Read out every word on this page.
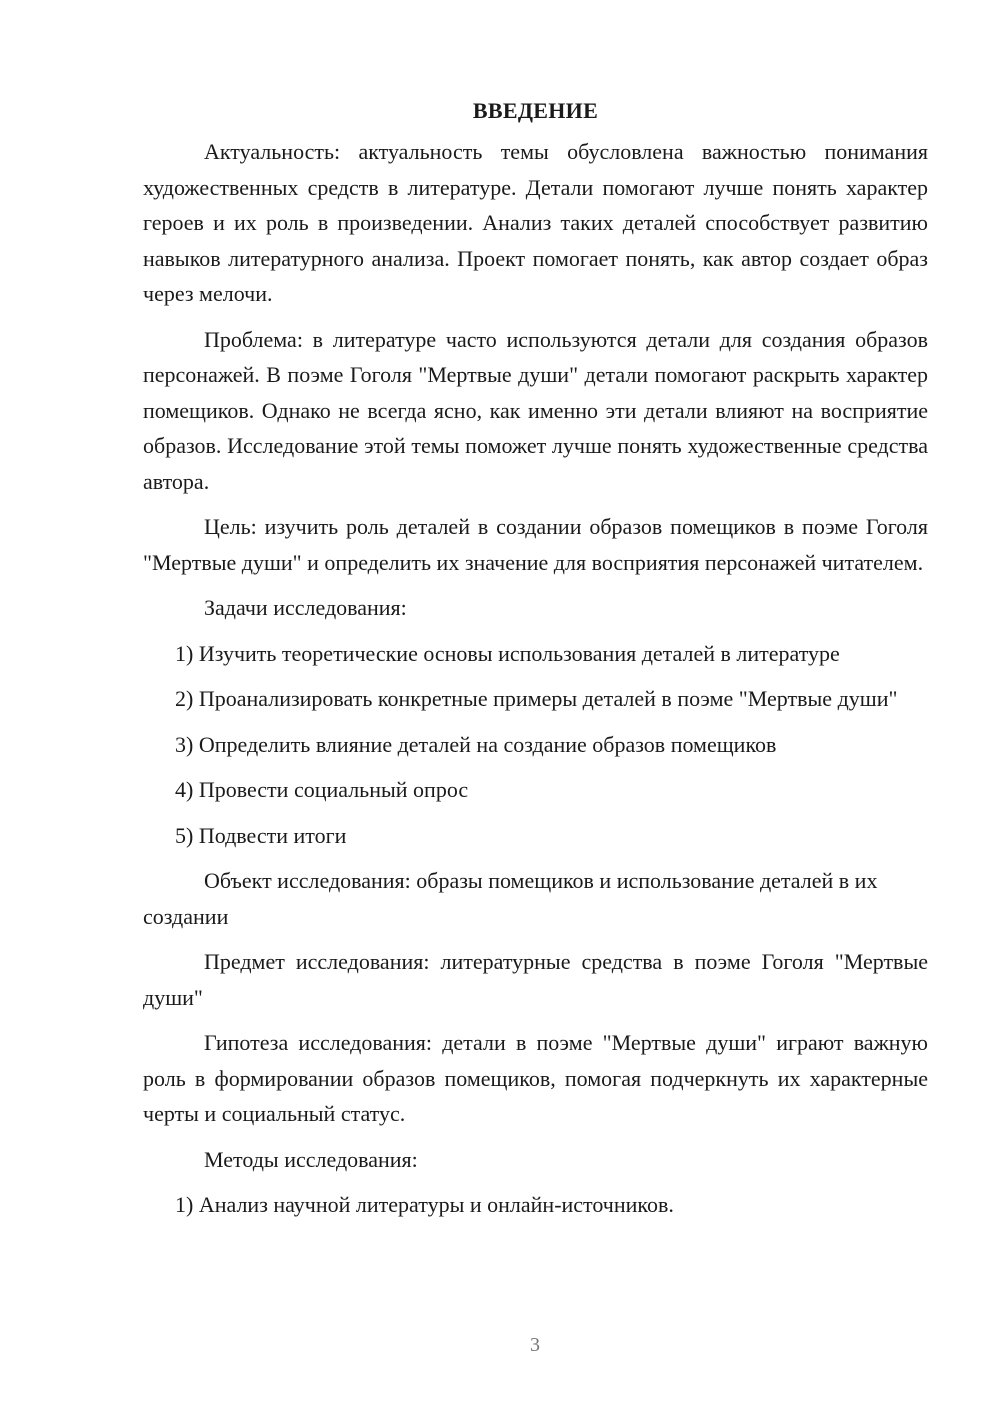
ВВЕДЕНИЕ

Актуальность: актуальность темы обусловлена важностью понимания художественных средств в литературе. Детали помогают лучше понять характер героев и их роль в произведении. Анализ таких деталей способствует развитию навыков литературного анализа. Проект помогает понять, как автор создает образ через мелочи.

Проблема: в литературе часто используются детали для создания образов персонажей. В поэме Гоголя "Мертвые души" детали помогают раскрыть характер помещиков. Однако не всегда ясно, как именно эти детали влияют на восприятие образов. Исследование этой темы поможет лучше понять художественные средства автора.

Цель: изучить роль деталей в создании образов помещиков в поэме Гоголя "Мертвые души" и определить их значение для восприятия персонажей читателем.

Задачи исследования:

1) Изучить теоретические основы использования деталей в литературе

2) Проанализировать конкретные примеры деталей в поэме "Мертвые души"

3) Определить влияние деталей на создание образов помещиков

4) Провести социальный опрос

5) Подвести итоги

Объект исследования: образы помещиков и использование деталей в их создании

Предмет исследования: литературные средства в поэме Гоголя "Мертвые души"

Гипотеза исследования: детали в поэме "Мертвые души" играют важную роль в формировании образов помещиков, помогая подчеркнуть их характерные черты и социальный статус.

Методы исследования:

1) Анализ научной литературы и онлайн-источников.

3
